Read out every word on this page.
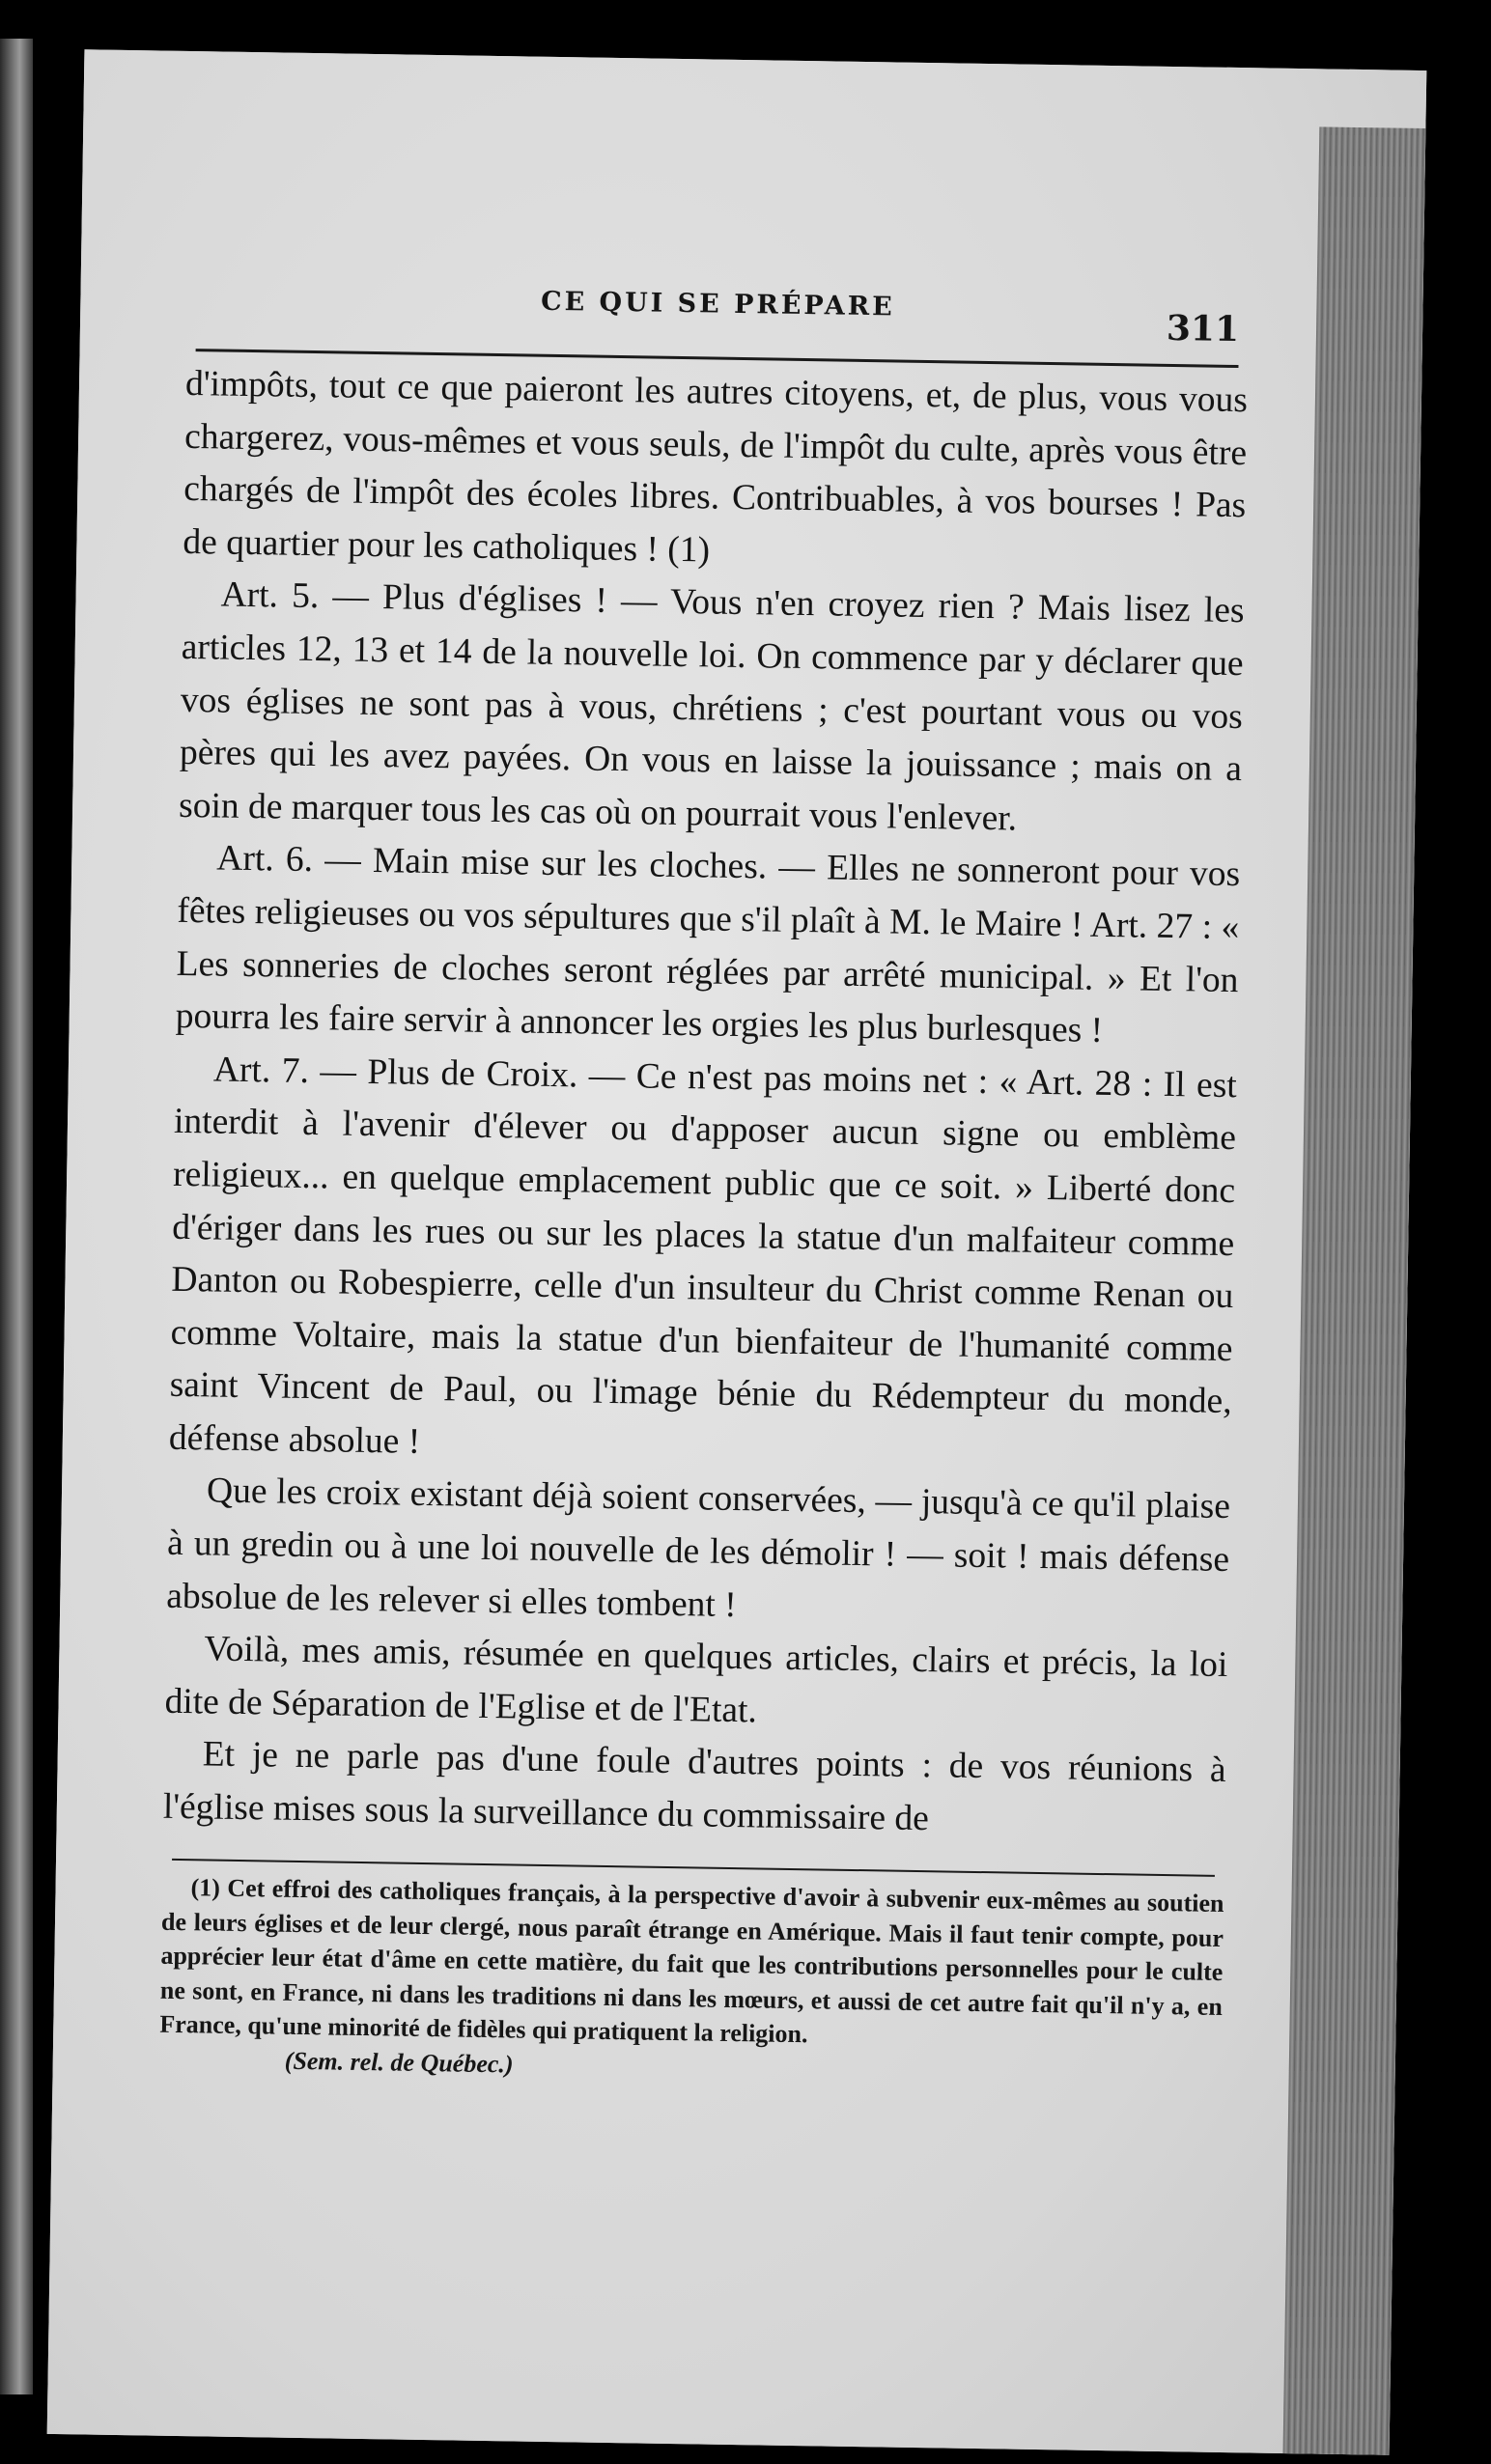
CE QUI SE PRÉPARE
311

d'impôts, tout ce que paieront les autres citoyens, et, de plus, vous vous chargerez, vous-mêmes et vous seuls, de l'impôt du culte, après vous être chargés de l'impôt des écoles libres. Contribuables, à vos bourses ! Pas de quartier pour les catholiques ! (1)

Art. 5. — Plus d'églises ! — Vous n'en croyez rien ? Mais lisez les articles 12, 13 et 14 de la nouvelle loi. On commence par y déclarer que vos églises ne sont pas à vous, chrétiens ; c'est pourtant vous ou vos pères qui les avez payées. On vous en laisse la jouissance ; mais on a soin de marquer tous les cas où on pourrait vous l'enlever.

Art. 6. — Main mise sur les cloches. — Elles ne sonneront pour vos fêtes religieuses ou vos sépultures que s'il plaît à M. le Maire ! Art. 27 : « Les sonneries de cloches seront réglées par arrêté municipal. » Et l'on pourra les faire servir à annoncer les orgies les plus burlesques !

Art. 7. — Plus de Croix. — Ce n'est pas moins net : « Art. 28 : Il est interdit à l'avenir d'élever ou d'apposer aucun signe ou emblème religieux... en quelque emplacement public que ce soit. » Liberté donc d'ériger dans les rues ou sur les places la statue d'un malfaiteur comme Danton ou Robespierre, celle d'un insulteur du Christ comme Renan ou comme Voltaire, mais la statue d'un bienfaiteur de l'humanité comme saint Vincent de Paul, ou l'image bénie du Rédempteur du monde, défense absolue !

Que les croix existant déjà soient conservées, — jusqu'à ce qu'il plaise à un gredin ou à une loi nouvelle de les démolir ! — soit ! mais défense absolue de les relever si elles tombent !

Voilà, mes amis, résumée en quelques articles, clairs et précis, la loi dite de Séparation de l'Eglise et de l'Etat.

Et je ne parle pas d'une foule d'autres points : de vos réunions à l'église mises sous la surveillance du commissaire de

(1) Cet effroi des catholiques français, à la perspective d'avoir à subvenir eux-mêmes au soutien de leurs églises et de leur clergé, nous paraît étrange en Amérique. Mais il faut tenir compte, pour apprécier leur état d'âme en cette matière, du fait que les contributions personnelles pour le culte ne sont, en France, ni dans les traditions ni dans les mœurs, et aussi de cet autre fait qu'il n'y a, en France, qu'une minorité de fidèles qui pratiquent la religion.

(Sem. rel. de Québec.)
